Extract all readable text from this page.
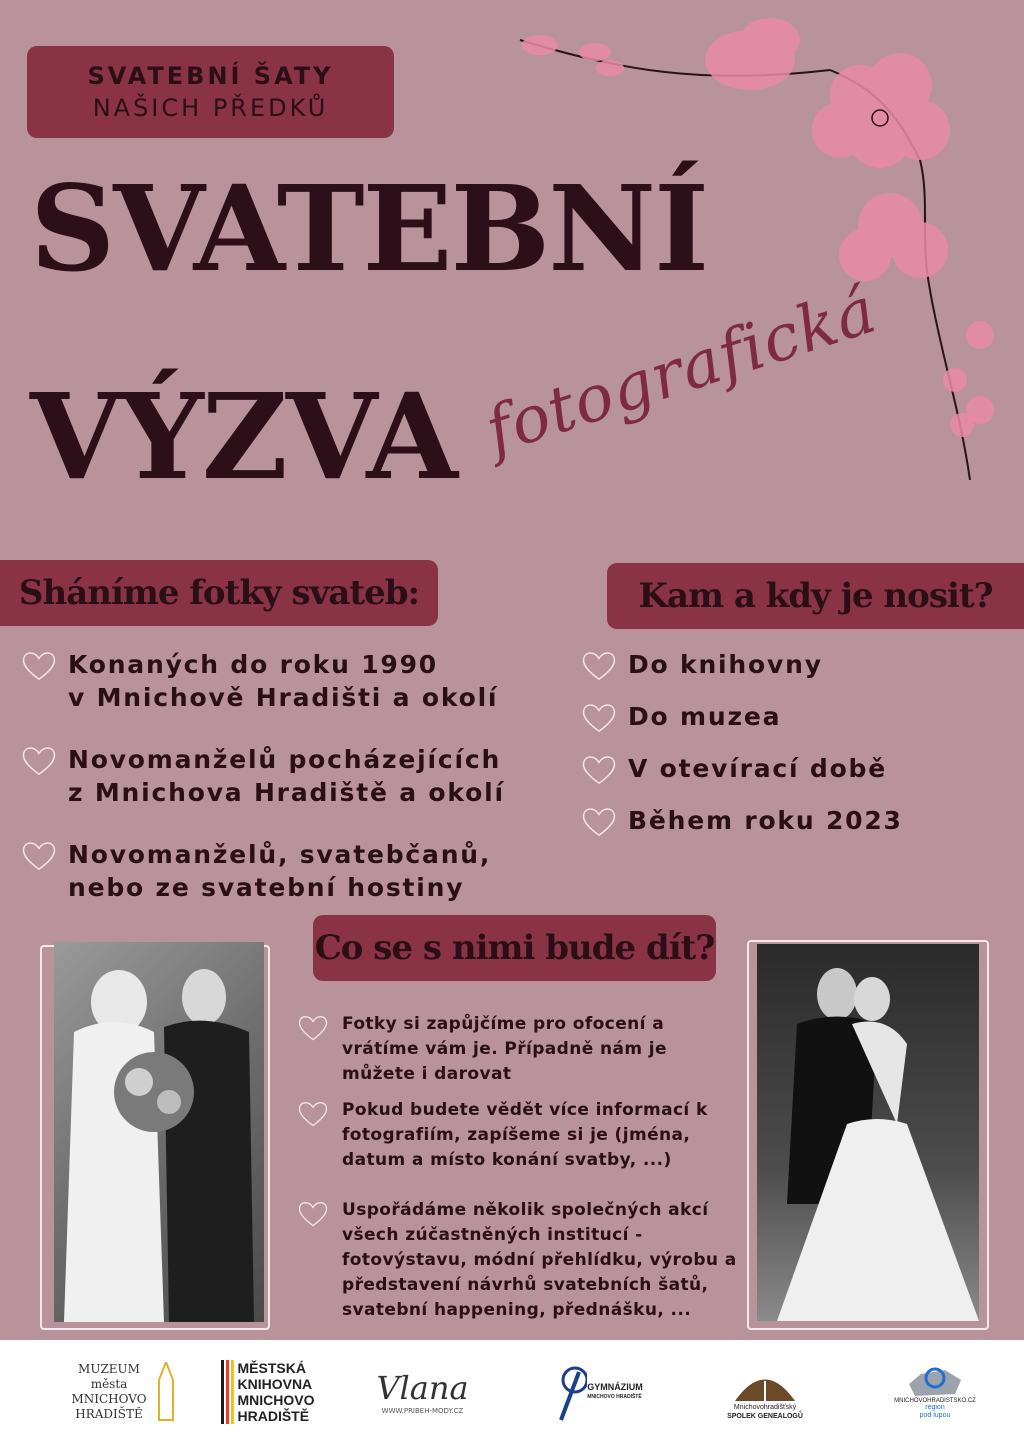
SVATEBNÍ ŠATY
NAŠICH PŘEDKŮ
SVATEBNÍ
VÝZVA fotografická
Sháníme fotky svateb:
Konaných do roku 1990
v Mnichově Hradišti a okolí
Novomanželů pocházejících
z Mnichova Hradiště a okolí
Novomanželů, svatebčanů,
nebo ze svatební hostiny
Kam a kdy je nosit?
Do knihovny
Do muzea
V otevírací době
Během roku 2023
Co se s nimi bude dít?
Fotky si zapůjčíme pro ofocení a vrátíme vám je. Případně nám je můžete i darovat
Pokud budete vědět více informací k fotografiím, zapíšeme si je (jména, datum a místo konání svatby, ...)
Uspořádáme několik společných akcí všech zúčastněných institucí - fotovýstavu, módní přehlídku, výrobu a představení návrhů svatebních šatů, svatební happening, přednášku, ...
MUZEUM
města
MNICHOVO
HRADIŠTĚ
MĚSTSKÁ
KNIHOVNA
MNICHOVO
HRADIŠTĚ
Vlana
WWW.PRIBEH-MODY.CZ
GYMNÁZIUM
MNICHOVO HRADIŠTĚ
Mnichovohradišťský
SPOLEK GENEALOGŮ
MNICHOVOHRADISTSKO.CZ
region
pod lupou
